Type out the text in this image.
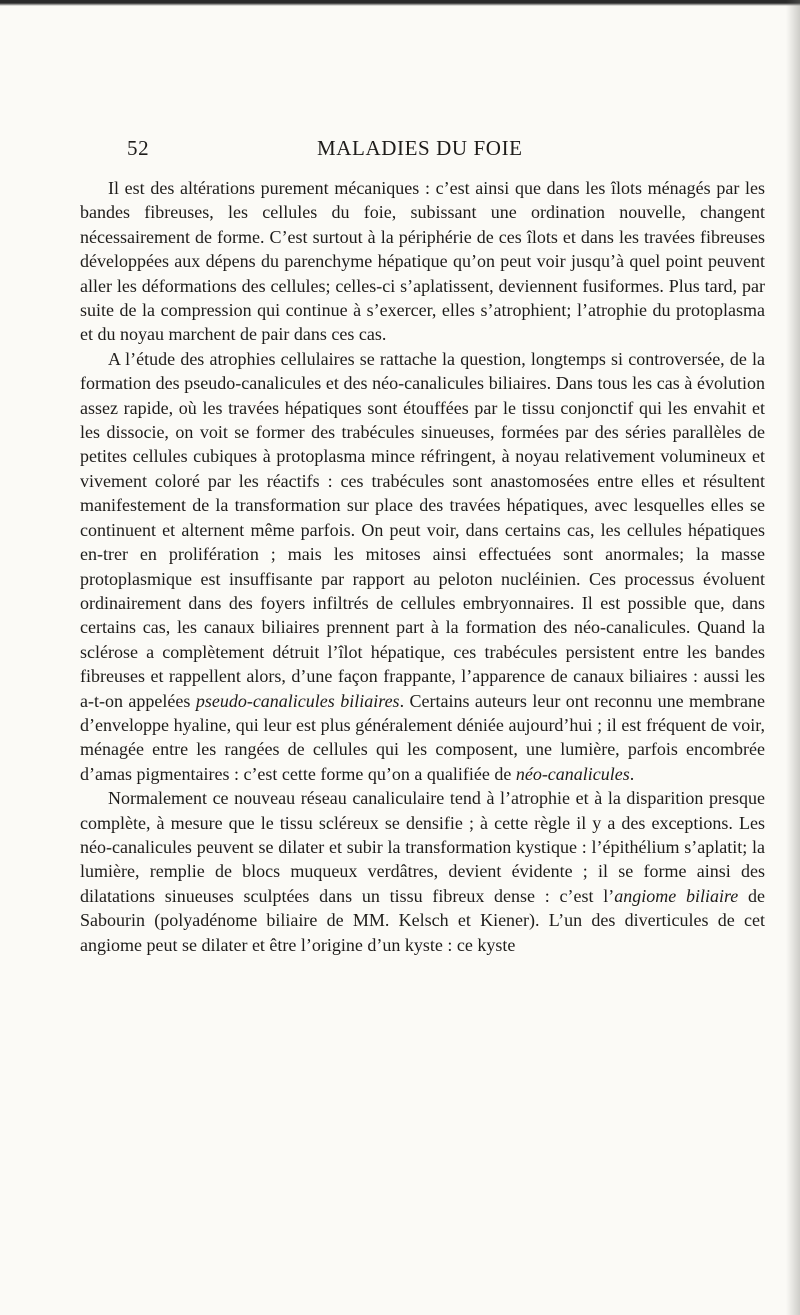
52	MALADIES DU FOIE

Il est des altérations purement mécaniques : c’est ainsi que dans les îlots ménagés par les bandes fibreuses, les cellules du foie, subissant une ordination nouvelle, changent nécessairement de forme. C’est surtout à la périphérie de ces îlots et dans les travées fibreuses développées aux dépens du parenchyme hépatique qu’on peut voir jusqu’à quel point peuvent aller les déformations des cellules; celles-ci s’aplatissent, deviennent fusiformes. Plus tard, par suite de la compression qui continue à s’exercer, elles s’atrophient; l’atrophie du protoplasma et du noyau marchent de pair dans ces cas.

A l’étude des atrophies cellulaires se rattache la question, longtemps si controversée, de la formation des pseudo-canalicules et des néo-canalicules biliaires. Dans tous les cas à évolution assez rapide, où les travées hépatiques sont étouffées par le tissu conjonctif qui les envahit et les dissocie, on voit se former des trabécules sinueuses, formées par des séries parallèles de petites cellules cubiques à protoplasma mince réfringent, à noyau relativement volumineux et vivement coloré par les réactifs : ces trabécules sont anastomosées entre elles et résultent manifestement de la transformation sur place des travées hépatiques, avec lesquelles elles se continuent et alternent même parfois. On peut voir, dans certains cas, les cellules hépatiques en-trer en prolifération ; mais les mitoses ainsi effectuées sont anormales; la masse protoplasmique est insuffisante par rapport au peloton nucléinien. Ces processus évoluent ordinairement dans des foyers infiltrés de cellules embryonnaires. Il est possible que, dans certains cas, les canaux biliaires prennent part à la formation des néo-canalicules. Quand la sclérose a complètement détruit l’îlot hépatique, ces trabécules persistent entre les bandes fibreuses et rappellent alors, d’une façon frappante, l’apparence de canaux biliaires : aussi les a-t-on appelées pseudo-canalicules biliaires. Certains auteurs leur ont reconnu une membrane d’enveloppe hyaline, qui leur est plus généralement déniée aujourd’hui ; il est fréquent de voir, ménagée entre les rangées de cellules qui les composent, une lumière, parfois encombrée d’amas pigmentaires : c’est cette forme qu’on a qualifiée de néo-canalicules.

Normalement ce nouveau réseau canaliculaire tend à l’atrophie et à la disparition presque complète, à mesure que le tissu scléreux se densifie ; à cette règle il y a des exceptions. Les néo-canalicules peuvent se dilater et subir la transformation kystique : l’épithélium s’aplatit; la lumière, remplie de blocs muqueux verdâtres, devient évidente ; il se forme ainsi des dilatations sinueuses sculptées dans un tissu fibreux dense : c’est l’angiome biliaire de Sabourin (polyadénome biliaire de MM. Kelsch et Kiener). L’un des diverticules de cet angiome peut se dilater et être l’origine d’un kyste : ce kyste
